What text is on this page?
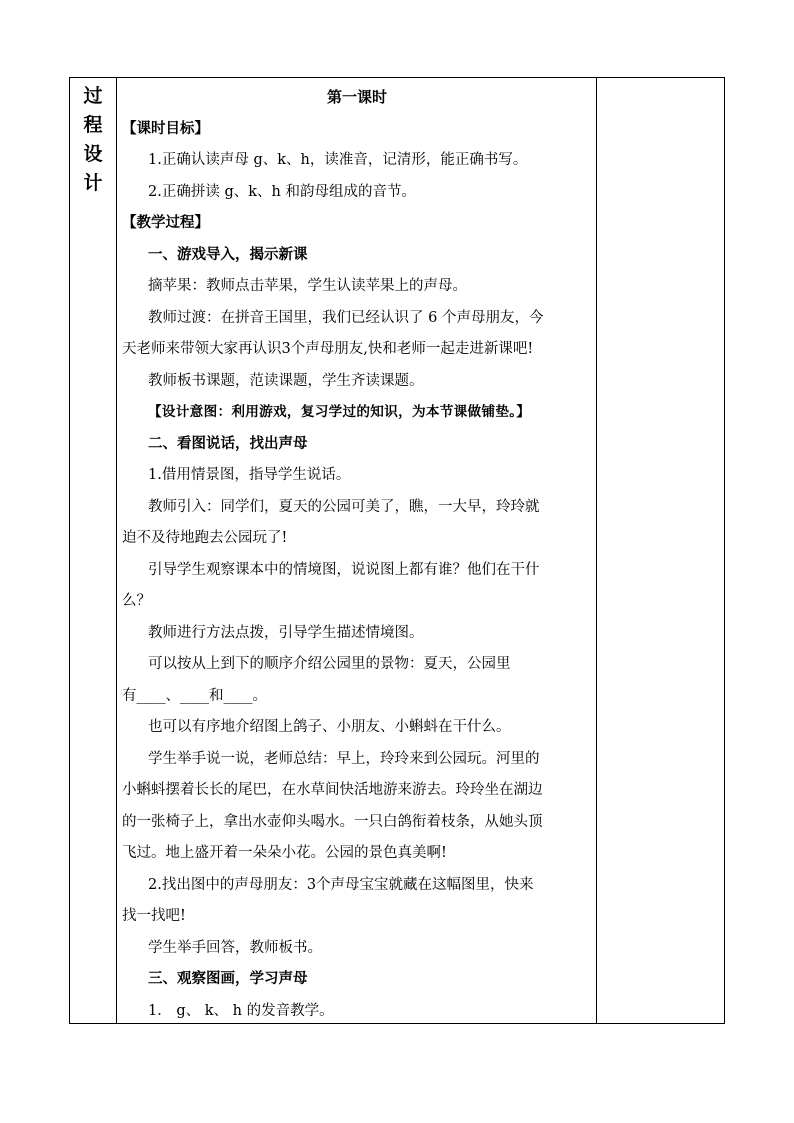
过
程
设
计
第一课时
【课时目标】
1.正确认读声母 g、k、h，读准音，记清形，能正确书写。
2.正确拼读 g、k、h 和韵母组成的音节。
【教学过程】
一、游戏导入，揭示新课
摘苹果：教师点击苹果，学生认读苹果上的声母。
教师过渡：在拼音王国里，我们已经认识了 6 个声母朋友，今
天老师来带领大家再认识3个声母朋友,快和老师一起走进新课吧!
教师板书课题，范读课题，学生齐读课题。
【设计意图：利用游戏，复习学过的知识，为本节课做铺垫。】
二、看图说话，找出声母
1.借用情景图，指导学生说话。
教师引入：同学们，夏天的公园可美了，瞧，一大早，玲玲就
迫不及待地跑去公园玩了!
引导学生观察课本中的情境图，说说图上都有谁？他们在干什
么？
教师进行方法点拨，引导学生描述情境图。
可以按从上到下的顺序介绍公园里的景物：夏天，公园里
有____、____和____。
也可以有序地介绍图上鸽子、小朋友、小蝌蚪在干什么。
学生举手说一说，老师总结：早上，玲玲来到公园玩。河里的
小蝌蚪摆着长长的尾巴，在水草间快活地游来游去。玲玲坐在湖边
的一张椅子上，拿出水壶仰头喝水。一只白鸽衔着枝条，从她头顶
飞过。地上盛开着一朵朵小花。公园的景色真美啊!
2.找出图中的声母朋友：3个声母宝宝就藏在这幅图里，快来
找一找吧!
学生举手回答，教师板书。
三、观察图画，学习声母
1． g、 k、 h 的发音教学。
